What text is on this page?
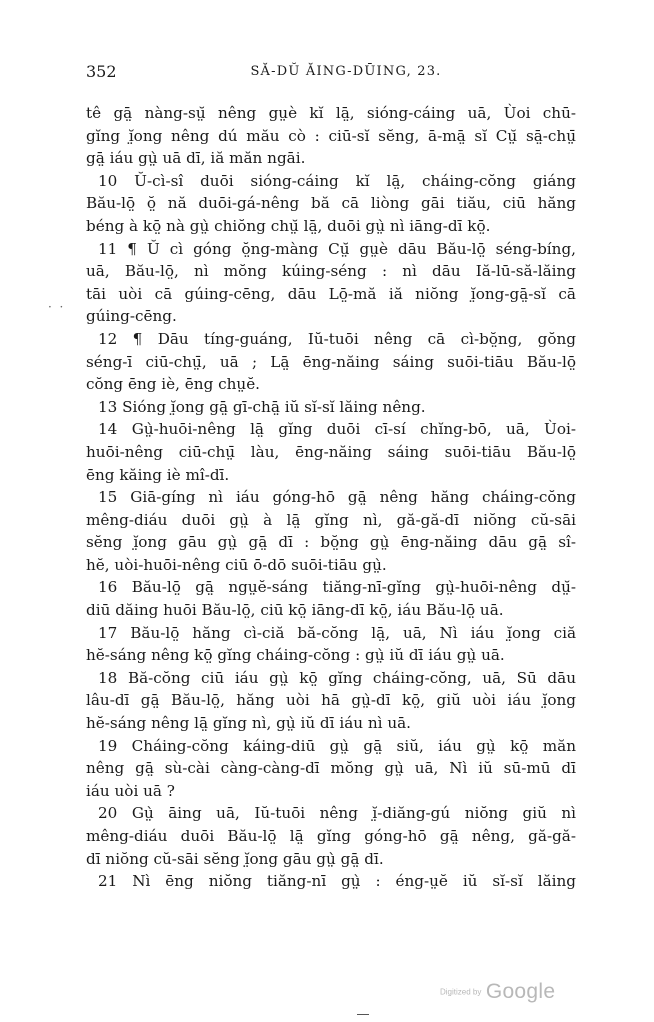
352	SĂ-DŬ ĂING-DŪING, 23.
tê gā̤ nàng-sṳ̆ nêng gṳè kĭ lā̤, sióng-cáing uā, Ùoi chū-
gĭng ĭ̤ong nêng dú mău cò : ciū-sĭ sĕng, ā-mā̤ sĭ Cṳ̆ sā̤-chṳ̄
gā̤ iáu gṳ̀ uā dī, iă măn ngāi.
10 Ŭ-cì-sî duōi sióng-cáing kĭ lā̤, cháing-cŏng giáng
Bău-lō̤ ŏ̤ nă duōi-gá-nêng bă cā liòng gāi tiău, ciū hăng
béng à kō̤ nà gṳ̀ chiŏng chṳ̆ lā̤, duōi gṳ̀ nì iāng-dī kō̤.
11 ¶ Ŭ cì góng ŏ̤ng-màng Cṳ̆ gṳè dāu Bău-lō̤ séng-bíng,
uā, Bău-lō̤, nì mŏng kúing-séng : nì dāu Iă-lū-să-lăing
tāi uòi cā gúing-cēng, dāu Lō̤-mă iă niŏng ĭ̤ong-gā̤-sĭ cā
gúing-cēng.
12 ¶ Dāu tíng-guáng, Iŭ-tuōi nêng cā cì-bŏ̤ng, gŏng
séng-ī ciū-chṳ̄, uā ; Lā̤ ēng-năing sáing suōi-tiāu Bău-lō̤
cŏng ēng iè, ēng chṳĕ.
13 Sióng ĭ̤ong gā̤ gī-chā̤ iŭ sĭ-sĭ lăing nêng.
14 Gṳ̀-huōi-nêng lā̤ gĭng duōi cī-sí chĭng-bō, uā, Ùoi-
huōi-nêng ciū-chṳ̄ làu, ēng-năing sáing suōi-tiāu Bău-lō̤
ēng kăing iè mî-dī.
15 Giā-gíng nì iáu góng-hō gā̤ nêng hăng cháing-cŏng
mêng-diáu duōi gṳ̀ à lā̤ gĭng nì, gă-gă-dī niŏng cŭ-sāi
sĕng ĭ̤ong gāu gṳ̀ gā̤ dī : bŏ̤ng gṳ̀ ēng-năing dāu gā̤ sî-
hĕ, uòi-huōi-nêng ciū ō-dō suōi-tiāu gṳ̀.
16 Bău-lō̤ gā̤ ngṳĕ-sáng tiăng-nī-gĭng gṳ̀-huōi-nêng dṳ̆-
diū dăing huōi Bău-lō̤, ciū kō̤ iāng-dī kō̤, iáu Bău-lō̤ uā.
17 Bău-lō̤ hăng cì-ciă bă-cŏng lā̤, uā, Nì iáu ĭ̤ong ciă
hĕ-sáng nêng kō̤ gĭng cháing-cŏng : gṳ̀ iŭ dī iáu gṳ̀ uā.
18 Bă-cŏng ciū iáu gṳ̀ kō̤ gĭng cháing-cŏng, uā, Sū dāu
lâu-dī gā̤ Bău-lō̤, hăng uòi hā gṳ̀-dī kō̤, giŭ uòi iáu ĭ̤ong
hĕ-sáng nêng lā̤ gĭng nì, gṳ̀ iŭ dī iáu nì uā.
19 Cháing-cŏng káing-diū gṳ̀ gā̤ siŭ, iáu gṳ̀ kō̤ măn
nêng gā̤ sù-cài càng-càng-dī mŏng gṳ̀ uā, Nì iŭ sū-mū dī
iáu uòi uā ?
20 Gṳ̀ āing uā, Iŭ-tuōi nêng ĭ̤-diăng-gú niŏng giŭ nì
mêng-diáu duōi Bău-lō̤ lā̤ gĭng góng-hō gā̤ nêng, gă-gă-
dī niŏng cŭ-sāi sĕng ĭ̤ong gāu gṳ̀ gā̤ dī.
21 Nì ēng niŏng tiăng-nī gṳ̀ : éng-ṳĕ iŭ sĭ-sĭ lăing
·  ·
Digitized by Google
